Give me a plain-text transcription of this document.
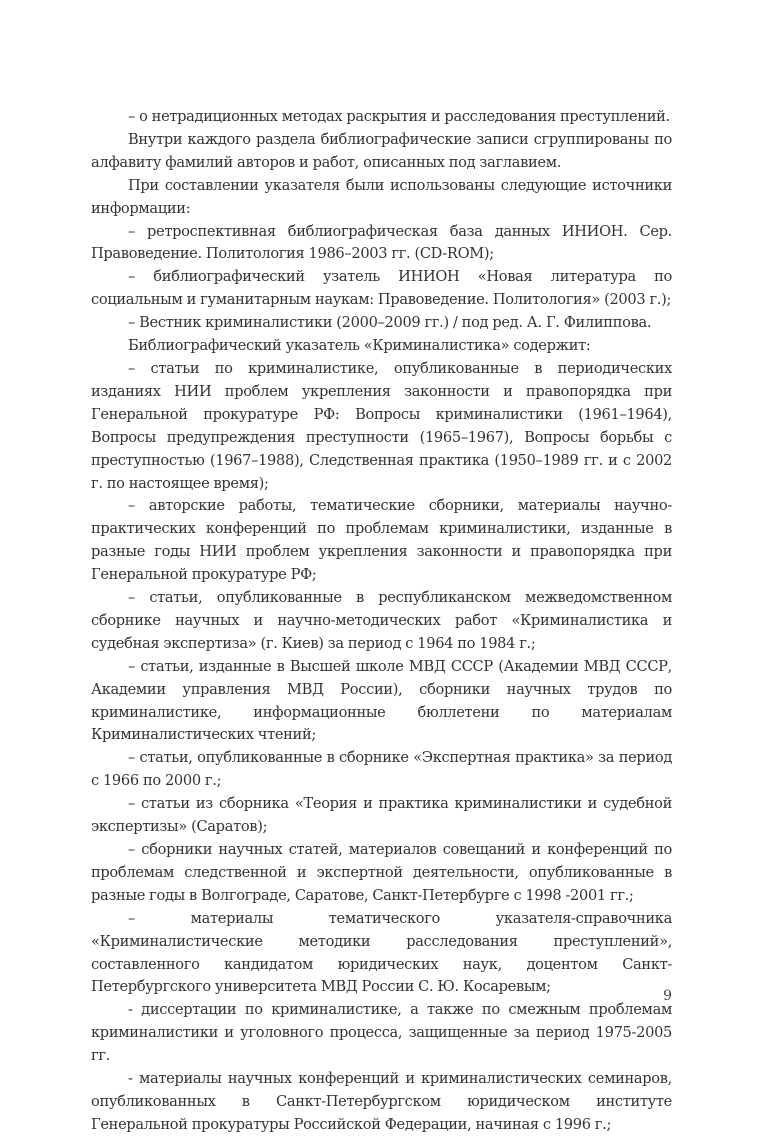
– о нетрадиционных методах раскрытия и расследования преступлений.

Внутри каждого раздела библиографические записи сгруппированы по алфавиту фамилий авторов и работ, описанных под заглавием.

При составлении указателя были использованы следующие источники информации:

– ретроспективная библиографическая база данных ИНИОН. Сер. Правоведение. Политология 1986–2003 гг. (CD-ROM);

– библиографический узатель ИНИОН «Новая литература по социальным и гуманитарным наукам: Правоведение. Политология» (2003 г.);

– Вестник криминалистики (2000–2009 гг.) / под ред. А. Г. Филиппова.

Библиографический указатель «Криминалистика» содержит:

– статьи по криминалистике, опубликованные в периодических изданиях НИИ проблем укрепления законности и правопорядка при Генеральной прокуратуре РФ: Вопросы криминалистики (1961–1964), Вопросы предупреждения преступности (1965–1967), Вопросы борьбы с преступностью (1967–1988), Следственная практика (1950–1989 гг. и с 2002 г. по настоящее время);

– авторские работы, тематические сборники, материалы научно-практических конференций по проблемам криминалистики, изданные в разные годы НИИ проблем укрепления законности и правопорядка при Генеральной прокуратуре РФ;

– статьи, опубликованные в республиканском межведомственном сборнике научных и научно-методических работ «Криминалистика и судебная экспертиза» (г. Киев) за период с 1964 по 1984 г.;

– статьи, изданные в Высшей школе МВД СССР (Академии МВД СССР, Академии управления МВД России), сборники научных трудов по криминалистике, информационные бюллетени по материалам Криминалистических чтений;

– статьи, опубликованные в сборнике «Экспертная практика» за период с 1966 по 2000 г.;

– статьи из сборника «Теория и практика криминалистики и судебной экспертизы» (Саратов);

– сборники научных статей, материалов совещаний и конференций по проблемам следственной и экспертной деятельности, опубликованные в разные годы в Волгограде, Саратове, Санкт-Петербурге с 1998 -2001 гг.;

– материалы тематического указателя-справочника «Криминалистические методики расследования преступлений», составленного кандидатом юридических наук, доцентом Санкт-Петербургского университета МВД России С. Ю. Косаревым;

- диссертации по криминалистике, а также по смежным проблемам криминалистики и уголовного процесса, защищенные за период 1975-2005 гг.

- материалы научных конференций и криминалистических семинаров, опубликованных в Санкт-Петербургском юридическом институте Генеральной прокуратуры Российской Федерации, начиная с 1996 г.;

9
